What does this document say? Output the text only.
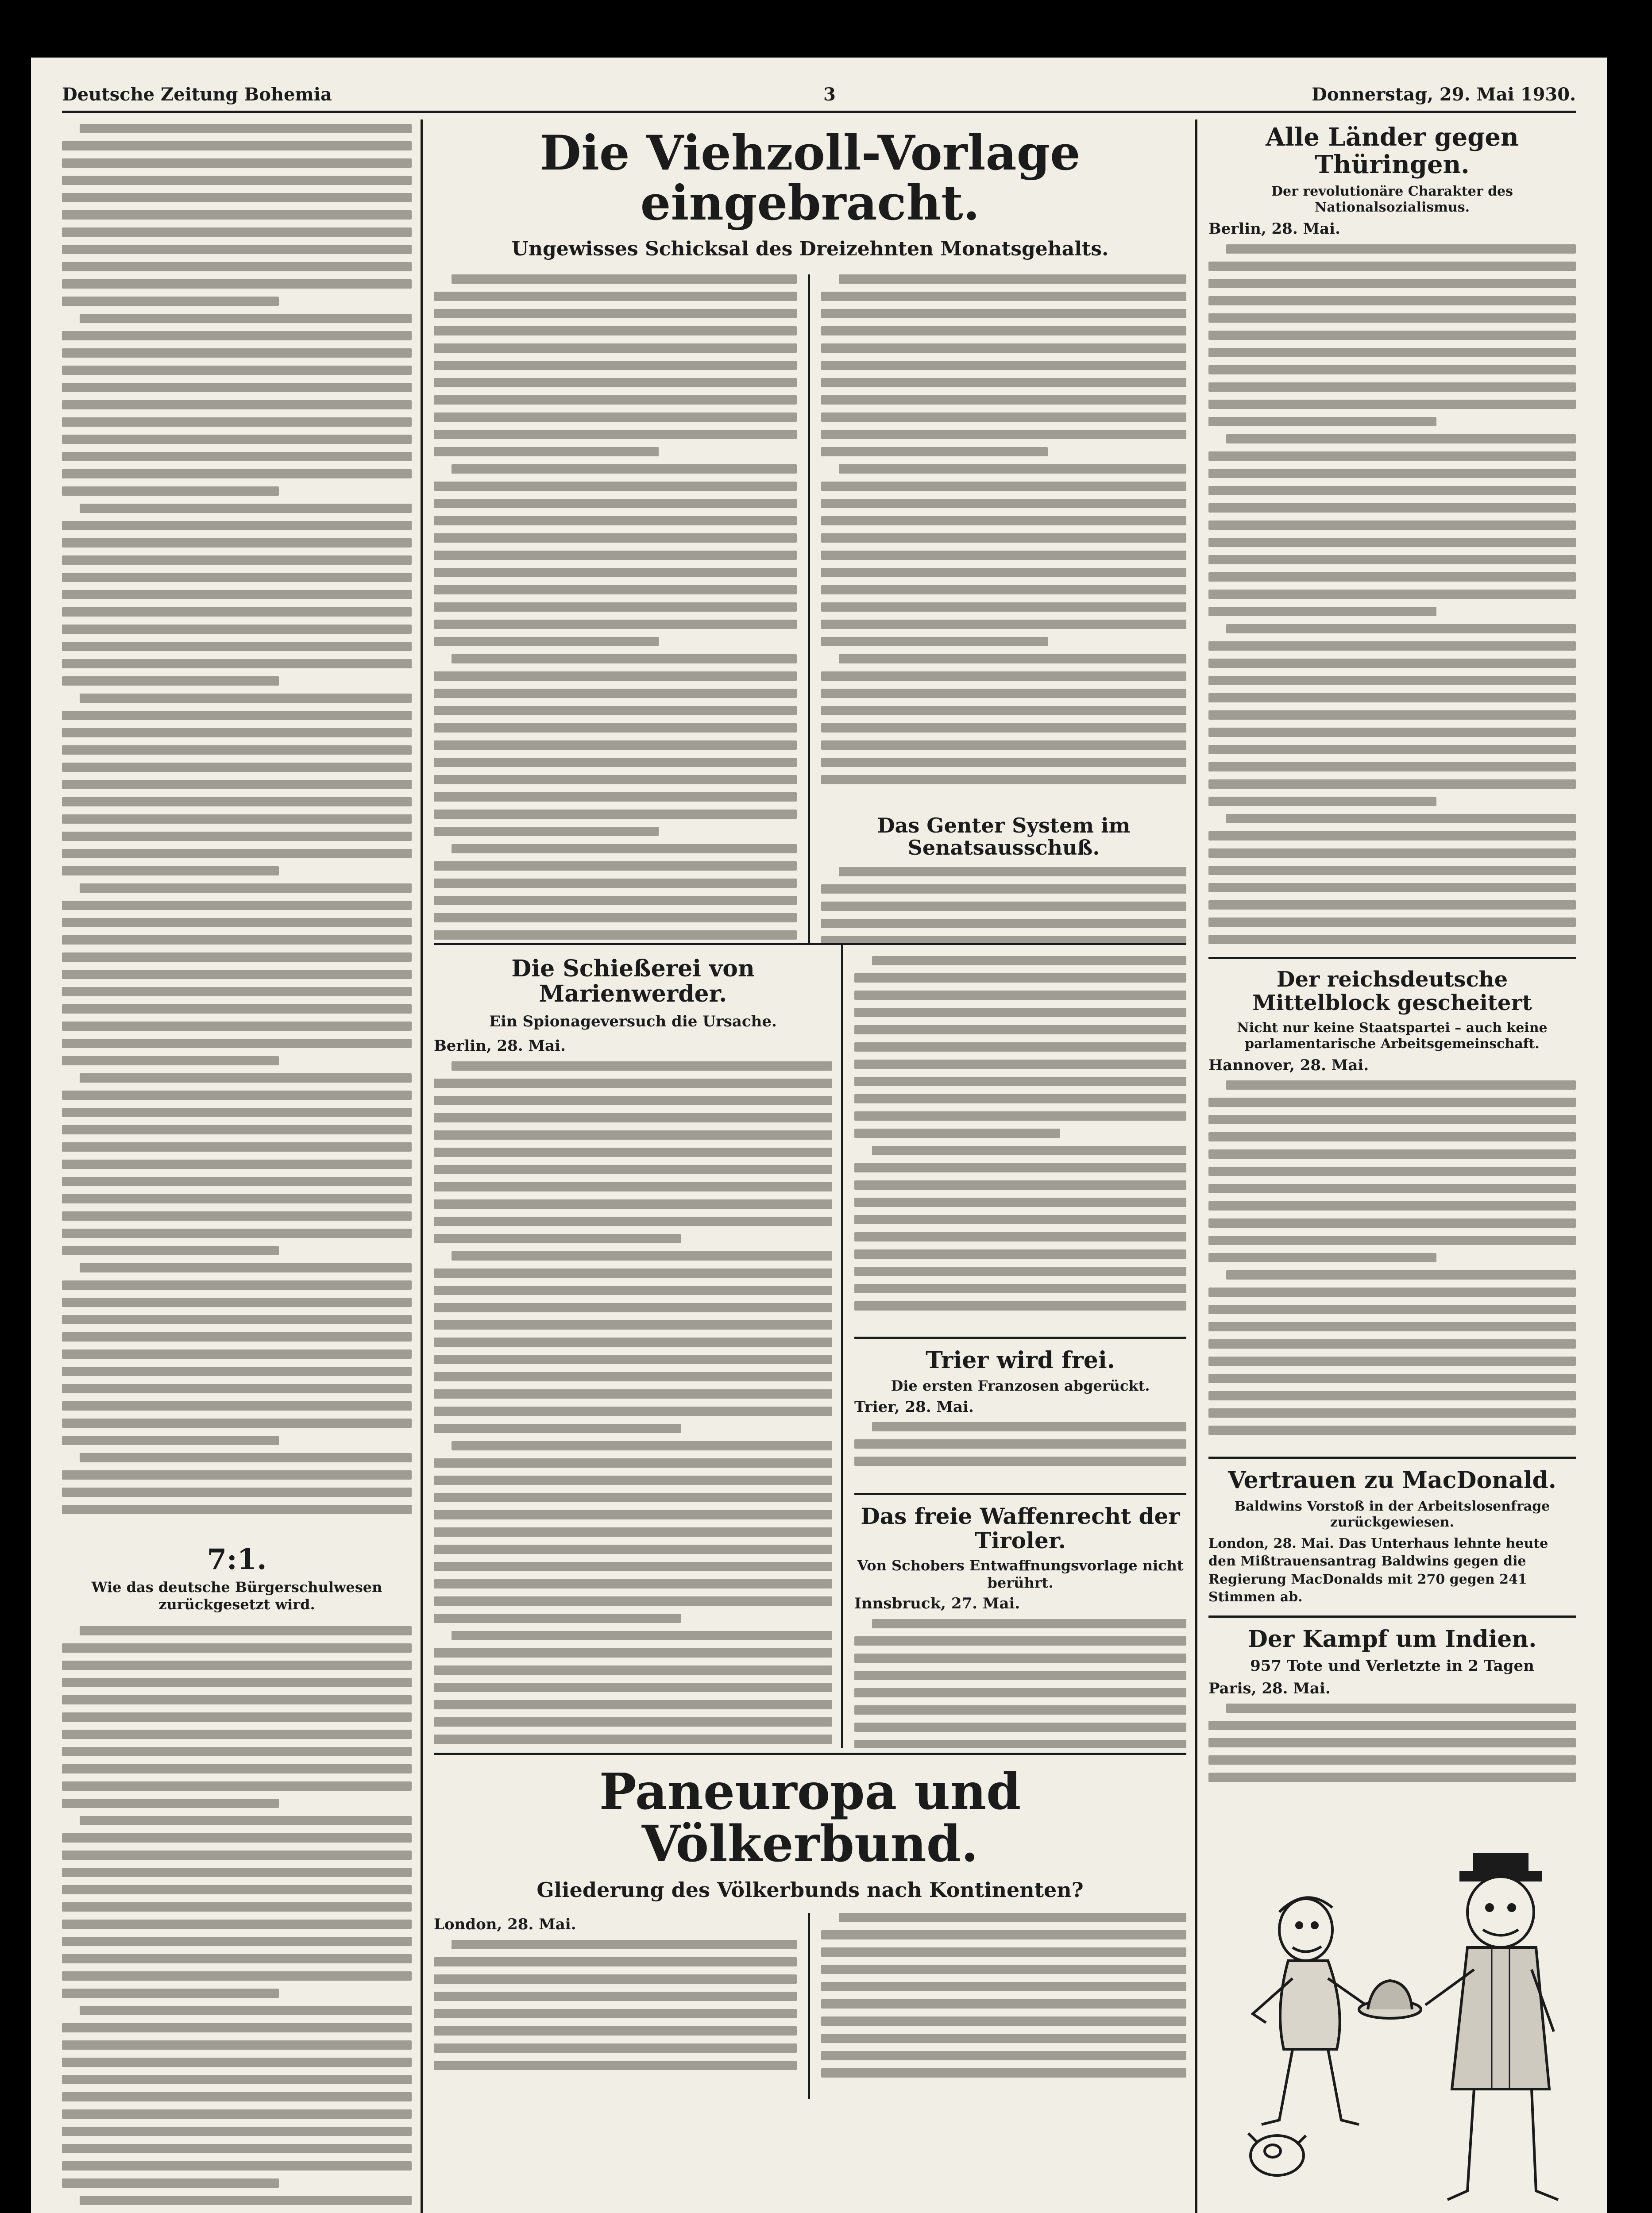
Deutsche Zeitung Bohemia	3	Donnerstag, 29. Mai 1930.
7:1.
Wie das deutsche Bürgerschulwesen zurückgesetzt wird.
Die Viehzoll-Vorlage eingebracht.
Ungewisses Schicksal des Dreizehnten Monatsgehalts.
Das Genter System im Senatsausschuß.
Die Schießerei von Marienwerder.
Ein Spionageversuch die Ursache.
Berlin, 28. Mai.
Trier wird frei.
Die ersten Franzosen abgerückt.
Trier, 28. Mai.
Das freie Waffenrecht der Tiroler.
Von Schobers Entwaffnungsvorlage nicht berührt.
Innsbruck, 27. Mai.
Paneuropa und Völkerbund.
Gliederung des Völkerbunds nach Kontinenten?
London, 28. Mai.
Alle Länder gegen Thüringen.
Der revolutionäre Charakter des Nationalsozialismus.
Berlin, 28. Mai.
Der reichsdeutsche Mittelblock gescheitert
Nicht nur keine Staatspartei – auch keine parlamentarische Arbeitsgemeinschaft.
Hannover, 28. Mai.
Vertrauen zu MacDonald.
Baldwins Vorstoß in der Arbeitslosenfrage zurückgewiesen.
London, 28. Mai. Das Unterhaus lehnte heute den Mißtrauensantrag Baldwins gegen die Regierung MacDonalds mit 270 gegen 241 Stimmen ab.
Der Kampf um Indien.
957 Tote und Verletzte in 2 Tagen
Paris, 28. Mai.
